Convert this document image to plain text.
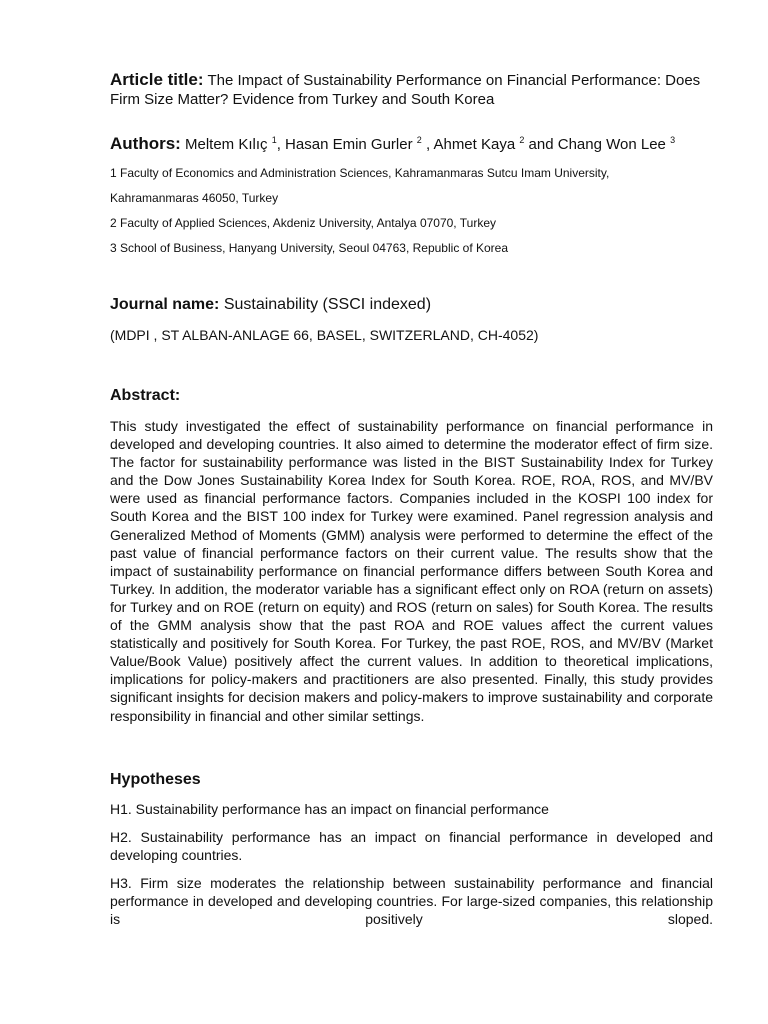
Article title: The Impact of Sustainability Performance on Financial Performance: Does Firm Size Matter? Evidence from Turkey and South Korea
Authors: Meltem Kılıç $^1$, Hasan Emin Gurler $^2$ , Ahmet Kaya $^2$ and Chang Won Lee $^3$
1 Faculty of Economics and Administration Sciences, Kahramanmaras Sutcu Imam University,
Kahramanmaras 46050, Turkey
2 Faculty of Applied Sciences, Akdeniz University, Antalya 07070, Turkey
3 School of Business, Hanyang University, Seoul 04763, Republic of Korea
Journal name: Sustainability (SSCI indexed)
(MDPI , ST ALBAN-ANLAGE 66, BASEL, SWITZERLAND, CH-4052)
Abstract:

This study investigated the effect of sustainability performance on financial performance in developed and developing countries. It also aimed to determine the moderator effect of firm size. The factor for sustainability performance was listed in the BIST Sustainability Index for Turkey and the Dow Jones Sustainability Korea Index for South Korea. ROE, ROA, ROS, and MV/BV were used as financial performance factors. Companies included in the KOSPI 100 index for South Korea and the BIST 100 index for Turkey were examined. Panel regression analysis and Generalized Method of Moments (GMM) analysis were performed to determine the effect of the past value of financial performance factors on their current value. The results show that the impact of sustainability performance on financial performance differs between South Korea and Turkey. In addition, the moderator variable has a significant effect only on ROA (return on assets) for Turkey and on ROE (return on equity) and ROS (return on sales) for South Korea. The results of the GMM analysis show that the past ROA and ROE values affect the current values statistically and positively for South Korea. For Turkey, the past ROE, ROS, and MV/BV (Market Value/Book Value) positively affect the current values. In addition to theoretical implications, implications for policy-makers and practitioners are also presented. Finally, this study provides significant insights for decision makers and policy-makers to improve sustainability and corporate responsibility in financial and other similar settings.

Hypotheses

H1. Sustainability performance has an impact on financial performance

H2. Sustainability performance has an impact on financial performance in developed and developing countries.

H3. Firm size moderates the relationship between sustainability performance and financial performance in developed and developing countries. For large-sized companies, this relationship is positively sloped.
